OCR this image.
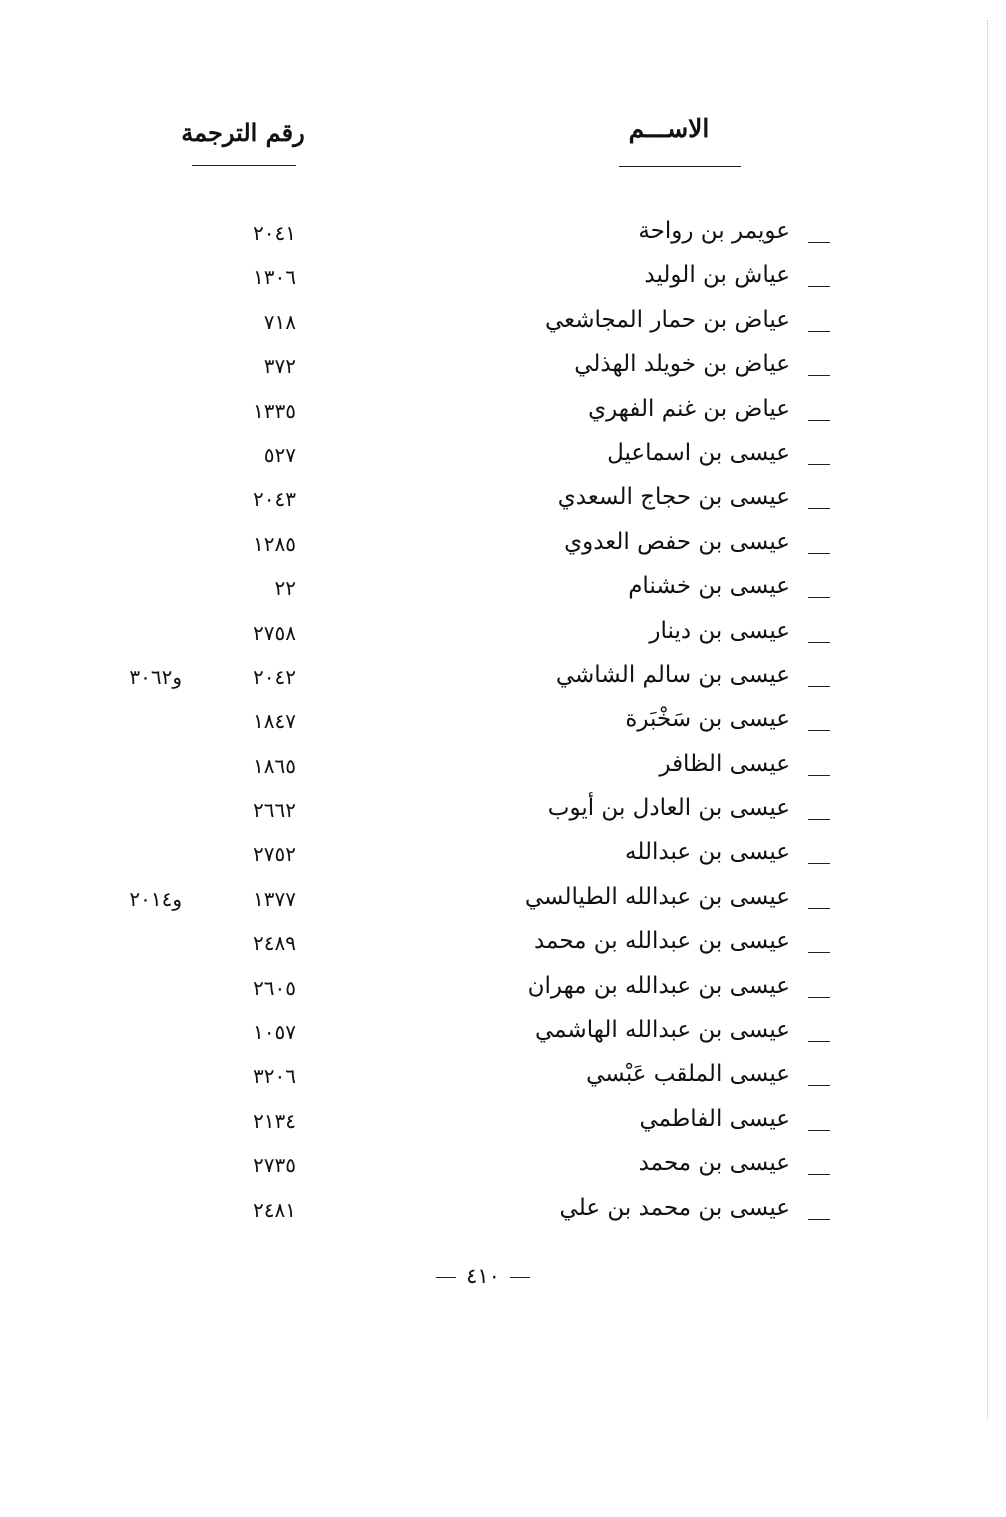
الاســـم
رقم الترجمة
عويمر بن رواحة
٢٠٤١
عياش بن الوليد
١٣٠٦
عياض بن حمار المجاشعي
٧١٨
عياض بن خويلد الهذلي
٣٧٢
عياض بن غنم الفهري
١٣٣٥
عيسى بن اسماعيل
٥٢٧
عيسى بن حجاج السعدي
٢٠٤٣
عيسى بن حفص العدوي
١٢٨٥
عيسى بن خشنام
٢٢
عيسى بن دينار
٢٧٥٨
عيسى بن سالم الشاشي
٢٠٤٢
و٣٠٦٢
عيسى بن سَخْبَرة
١٨٤٧
عيسى الظافر
١٨٦٥
عيسى بن العادل بن أيوب
٢٦٦٢
عيسى بن عبدالله
٢٧٥٢
عيسى بن عبدالله الطيالسي
١٣٧٧
و٢٠١٤
عيسى بن عبدالله بن محمد
٢٤٨٩
عيسى بن عبدالله بن مهران
٢٦٠٥
عيسى بن عبدالله الهاشمي
١٠٥٧
عيسى الملقب عَبْسي
٣٢٠٦
عيسى الفاطمي
٢١٣٤
عيسى بن محمد
٢٧٣٥
عيسى بن محمد بن علي
٢٤٨١
٤١٠
